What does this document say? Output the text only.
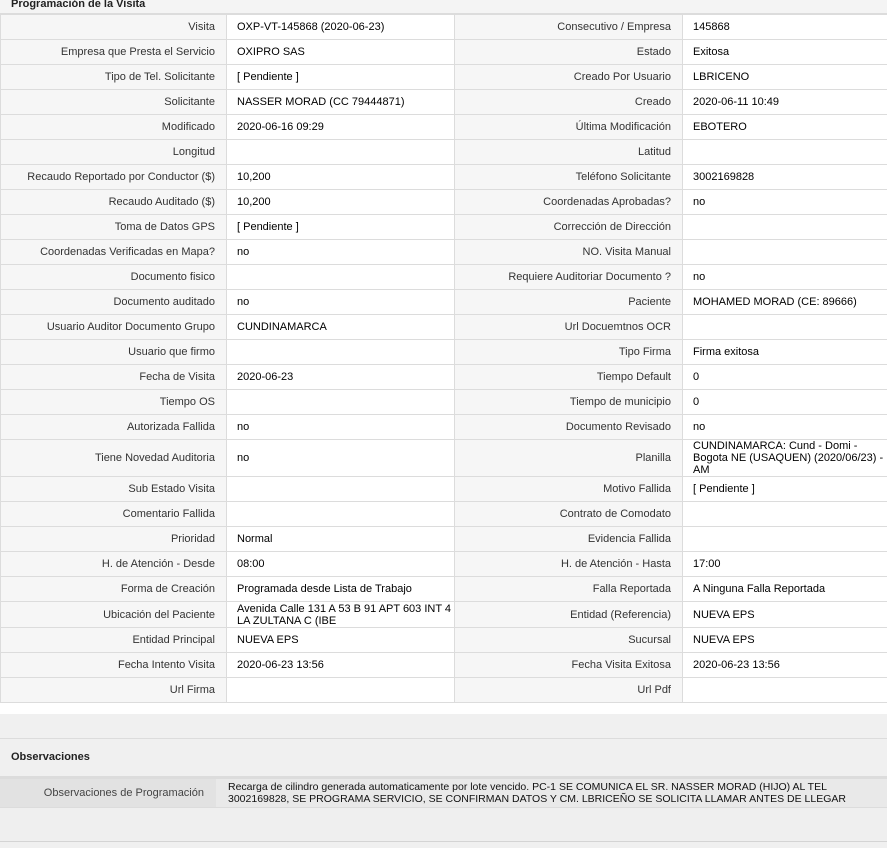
Programación de la Visita
Visita	OXP-VT-145868 (2020-06-23)	Consecutivo / Empresa	145868
Empresa que Presta el Servicio	OXIPRO SAS	Estado	Exitosa
Tipo de Tel. Solicitante	[ Pendiente ]	Creado Por Usuario	LBRICENO
Solicitante	NASSER MORAD (CC 79444871)	Creado	2020-06-11 10:49
Modificado	2020-06-16 09:29	Última Modificación	EBOTERO
Longitud		Latitud	
Recaudo Reportado por Conductor ($)	10,200	Teléfono Solicitante	3002169828
Recaudo Auditado ($)	10,200	Coordenadas Aprobadas?	no
Toma de Datos GPS	[ Pendiente ]	Corrección de Dirección	
Coordenadas Verificadas en Mapa?	no	NO. Visita Manual	
Documento fisico		Requiere Auditoriar Documento ?	no
Documento auditado	no	Paciente	MOHAMED MORAD (CE: 89666)
Usuario Auditor Documento Grupo	CUNDINAMARCA	Url Docuemtnos OCR	
Usuario que firmo		Tipo Firma	Firma exitosa
Fecha de Visita	2020-06-23	Tiempo Default	0
Tiempo OS		Tiempo de municipio	0
Autorizada Fallida	no	Documento Revisado	no
Tiene Novedad Auditoria	no	Planilla	CUNDINAMARCA: Cund - Domi - Bogota NE (USAQUEN) (2020/06/23) - AM
Sub Estado Visita		Motivo Fallida	[ Pendiente ]
Comentario Fallida		Contrato de Comodato	
Prioridad	Normal	Evidencia Fallida	
H. de Atención - Desde	08:00	H. de Atención - Hasta	17:00
Forma de Creación	Programada desde Lista de Trabajo	Falla Reportada	A Ninguna Falla Reportada
Ubicación del Paciente	Avenida Calle 131 A 53 B 91 APT 603 INT 4 LA ZULTANA C (IBE	Entidad (Referencia)	NUEVA EPS
Entidad Principal	NUEVA EPS	Sucursal	NUEVA EPS
Fecha Intento Visita	2020-06-23 13:56	Fecha Visita Exitosa	2020-06-23 13:56
Url Firma		Url Pdf	
Observaciones
Observaciones de Programación	Recarga de cilindro generada automaticamente por lote vencido. PC-1 SE COMUNICA EL SR. NASSER MORAD (HIJO) AL TEL 3002169828, SE PROGRAMA SERVICIO, SE CONFIRMAN DATOS Y CM. LBRICEÑO SE SOLICITA LLAMAR ANTES DE LLEGAR
